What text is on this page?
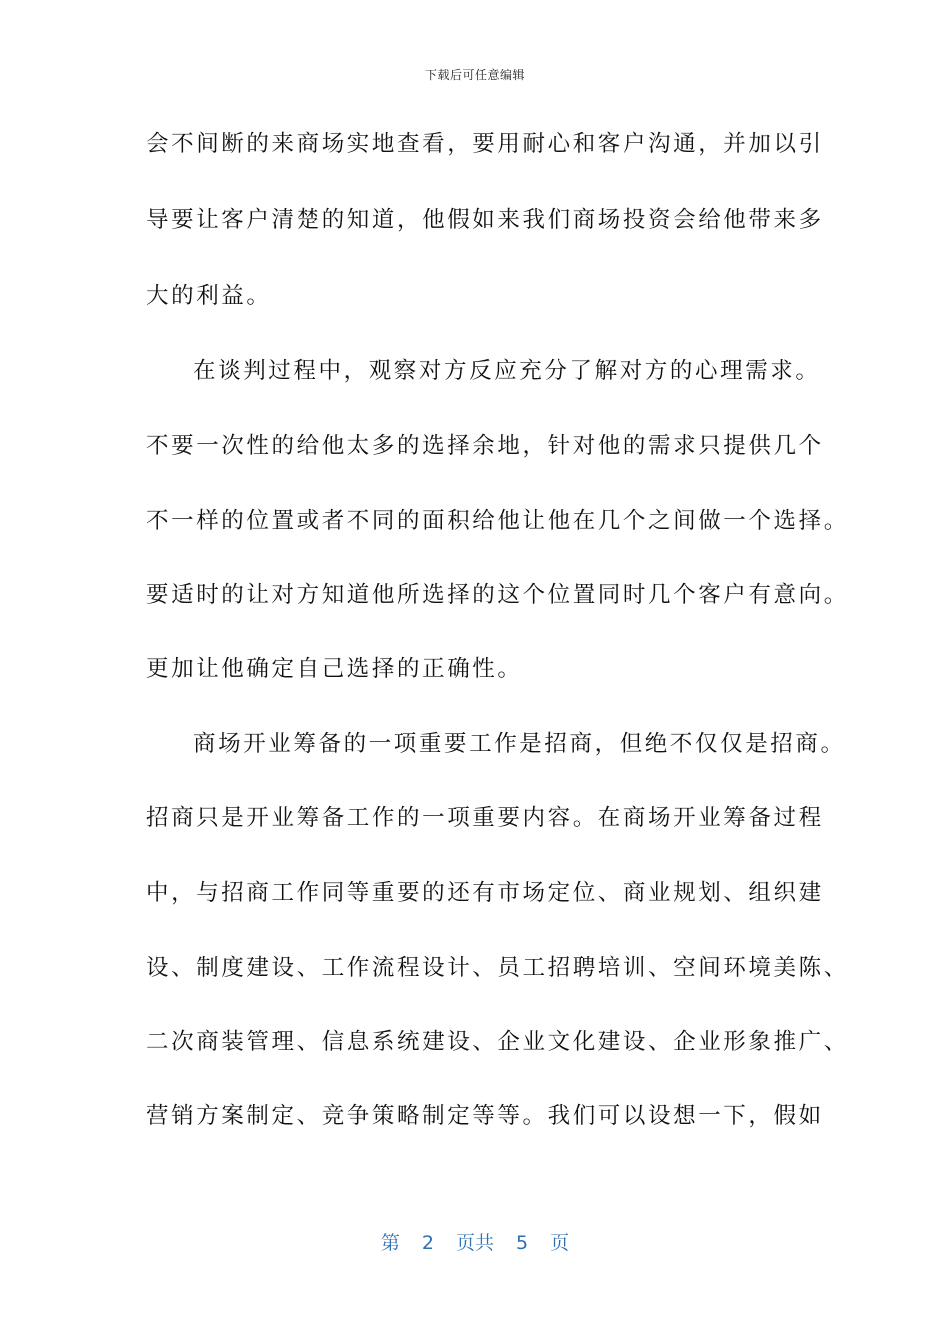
下载后可任意编辑
会不间断的来商场实地查看，要用耐心和客户沟通，并加以引
导要让客户清楚的知道，他假如来我们商场投资会给他带来多
大的利益。
在谈判过程中，观察对方反应充分了解对方的心理需求。
不要一次性的给他太多的选择余地，针对他的需求只提供几个
不一样的位置或者不同的面积给他让他在几个之间做一个选择。
要适时的让对方知道他所选择的这个位置同时几个客户有意向。
更加让他确定自己选择的正确性。
商场开业筹备的一项重要工作是招商，但绝不仅仅是招商。
招商只是开业筹备工作的一项重要内容。在商场开业筹备过程
中，与招商工作同等重要的还有市场定位、商业规划、组织建
设、制度建设、工作流程设计、员工招聘培训、空间环境美陈、
二次商装管理、信息系统建设、企业文化建设、企业形象推广、
营销方案制定、竞争策略制定等等。我们可以设想一下，假如
第 2 页共 5 页
